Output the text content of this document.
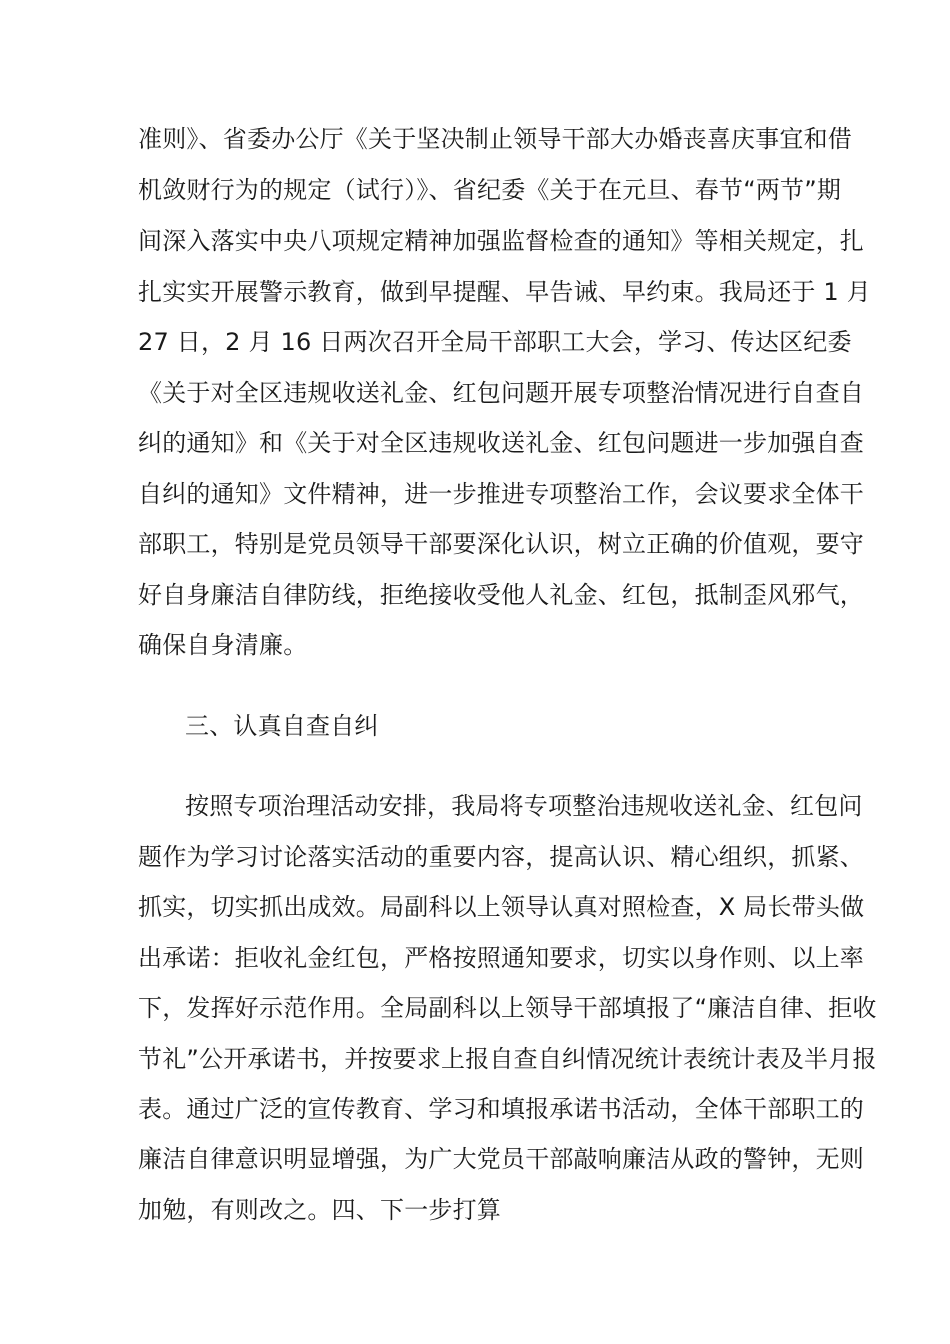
准则》、省委办公厅《关于坚决制止领导干部大办婚丧喜庆事宜和借
机敛财行为的规定（试行）》、省纪委《关于在元旦、春节“两节”期
间深入落实中央八项规定精神加强监督检查的通知》等相关规定，扎
扎实实开展警示教育，做到早提醒、早告诫、早约束。我局还于 1 月
27 日，2 月 16 日两次召开全局干部职工大会，学习、传达区纪委
《关于对全区违规收送礼金、红包问题开展专项整治情况进行自查自
纠的通知》和《关于对全区违规收送礼金、红包问题进一步加强自查
自纠的通知》文件精神，进一步推进专项整治工作，会议要求全体干
部职工，特别是党员领导干部要深化认识，树立正确的价值观，要守
好自身廉洁自律防线，拒绝接收受他人礼金、红包，抵制歪风邪气，
确保自身清廉。
三、认真自查自纠
按照专项治理活动安排，我局将专项整治违规收送礼金、红包问
题作为学习讨论落实活动的重要内容，提高认识、精心组织，抓紧、
抓实，切实抓出成效。局副科以上领导认真对照检查，X 局长带头做
出承诺：拒收礼金红包，严格按照通知要求，切实以身作则、以上率
下，发挥好示范作用。全局副科以上领导干部填报了“廉洁自律、拒收
节礼”公开承诺书，并按要求上报自查自纠情况统计表统计表及半月报
表。通过广泛的宣传教育、学习和填报承诺书活动，全体干部职工的
廉洁自律意识明显增强，为广大党员干部敲响廉洁从政的警钟，无则
加勉，有则改之。四、下一步打算
